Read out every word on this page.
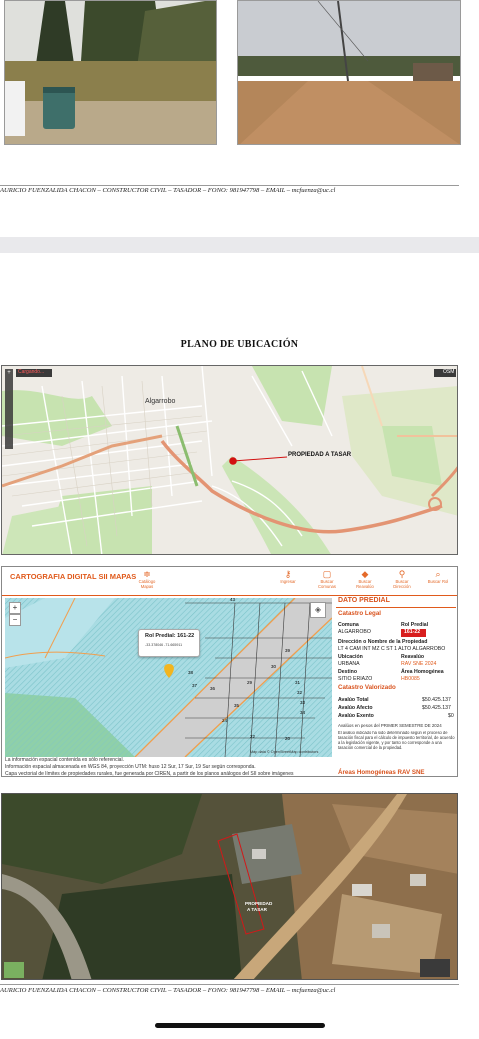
AURICIO FUENZALIDA CHACON – CONSTRUCTOR CIVIL – TASADOR – FONO: 981947798 – EMAIL – mcfuenza@uc.cl
PLANO DE UBICACIÓN
Cargando...	OSM
Algarrobo
PROPIEDAD A TASAR
+
CARTOGRAFIA DIGITAL SII MAPAS ≑
Catálogo Mapas
⚷
Ingresar
▢
Buscar Comunas
◆
Buscar Reavalúo
⚲
Buscar Dirección
⌕
Buscar Rol
+
−
◈
Rol Predial: 161-22
-33.378046 -71.665911
43
39
38
30
29	31
32
33
34
35
36
37
24
22	20
Map data © OpenStreetMap contributors
La información espacial contenida es sólo referencial.
Información espacial almacenada en WGS 84, proyección UTM: huso 12 Sur, 17 Sur, 19 Sur según corresponda.
Capa vectorial de límites de propiedades rurales, fue generada por CIREN, a partir de los planos análogos del SII sobre imágenes
DATO PREDIAL
Catastro Legal
Comuna
ALGARROBO
Rol Predial
161-22
Dirección o Nombre de la Propiedad
LT 4 CAM INT MZ C ST 1 ALTO ALGARROBO
Ubicación
URBANA
Reavalúo
RAV SNE 2024
Destino
SITIO ERIAZO
Área Homogénea
HB0085
Catastro Valorizado
Avalúo Total	$50.425.137
Avalúo Afecto	$50.425.137
Avalúo Exento	$0
Avalúos en pesos del PRIMER SEMESTRE DE 2024
El avalúo indicado ha sido determinado según el proceso de tasación fiscal para el cálculo de impuesto territorial, de acuerdo a la legislación vigente, y por tanto no corresponde a una tasación comercial de la propiedad.
Áreas Homogéneas RAV SNE
PROPIEDAD
A TASAR
AURICIO FUENZALIDA CHACON – CONSTRUCTOR CIVIL – TASADOR – FONO: 981947798 – EMAIL – mcfuenza@uc.cl
